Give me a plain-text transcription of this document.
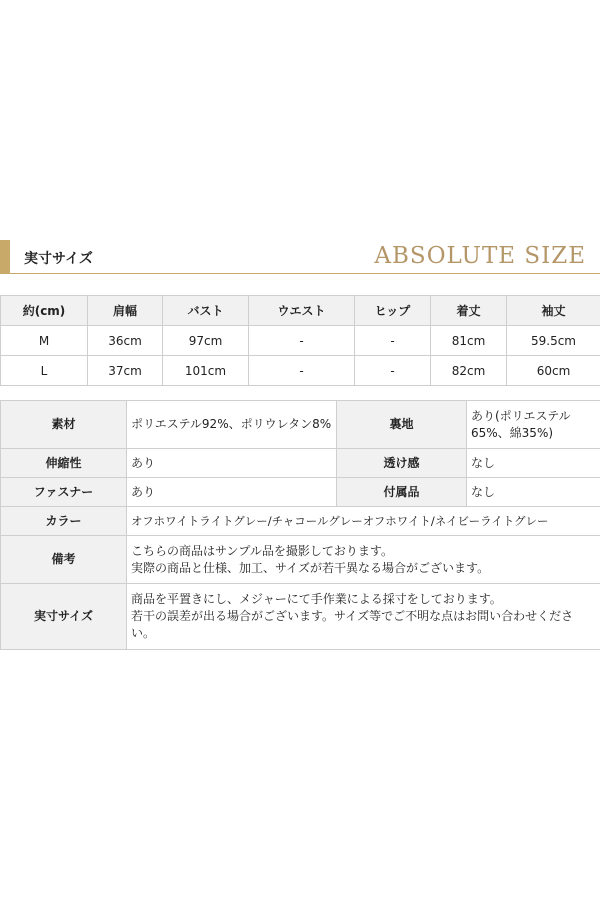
実寸サイズ	ABSOLUTE SIZE
約(cm)	肩幅	バスト	ウエスト	ヒップ	着丈	袖丈
M	36cm	97cm	-	-	81cm	59.5cm
L	37cm	101cm	-	-	82cm	60cm
素材	ポリエステル92%、ポリウレタン8%	裏地	あり(ポリエステル65%、綿35%)
伸縮性	あり	透け感	なし
ファスナー	あり	付属品	なし
カラー	オフホワイトライトグレー/チャコールグレーオフホワイト/ネイビーライトグレー		
備考	こちらの商品はサンプル品を撮影しております。
実際の商品と仕様、加工、サイズが若干異なる場合がございます。		

実寸サイズ	商品を平置きにし、メジャーにて手作業による採寸をしております。
若干の誤差が出る場合がございます。サイズ等でご不明な点はお問い合わせください。		
